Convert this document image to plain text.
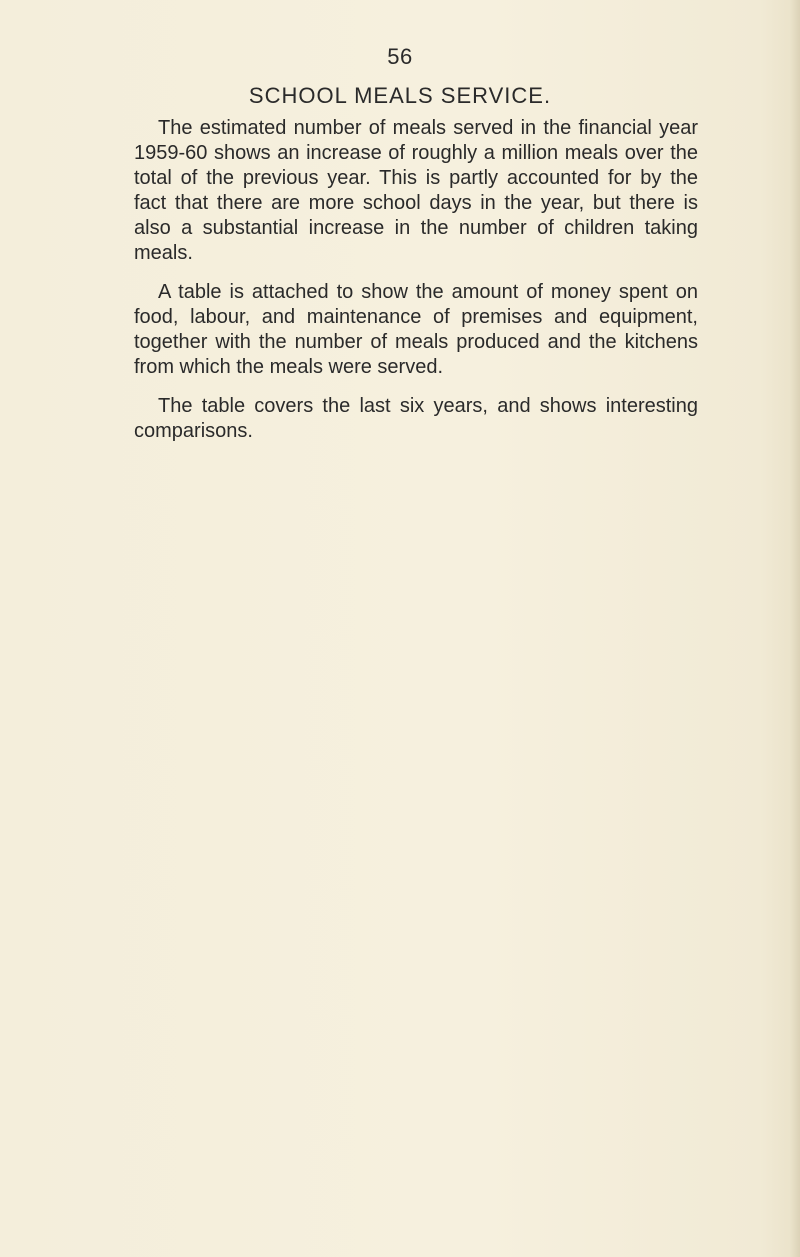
56
SCHOOL MEALS SERVICE.

The estimated number of meals served in the financial year 1959-60 shows an increase of roughly a million meals over the total of the previous year. This is partly accounted for by the fact that there are more school days in the year, but there is also a substantial increase in the number of children taking meals.

A table is attached to show the amount of money spent on food, labour, and maintenance of premises and equipment, together with the number of meals produced and the kitchens from which the meals were served.

The table covers the last six years, and shows interesting comparisons.
